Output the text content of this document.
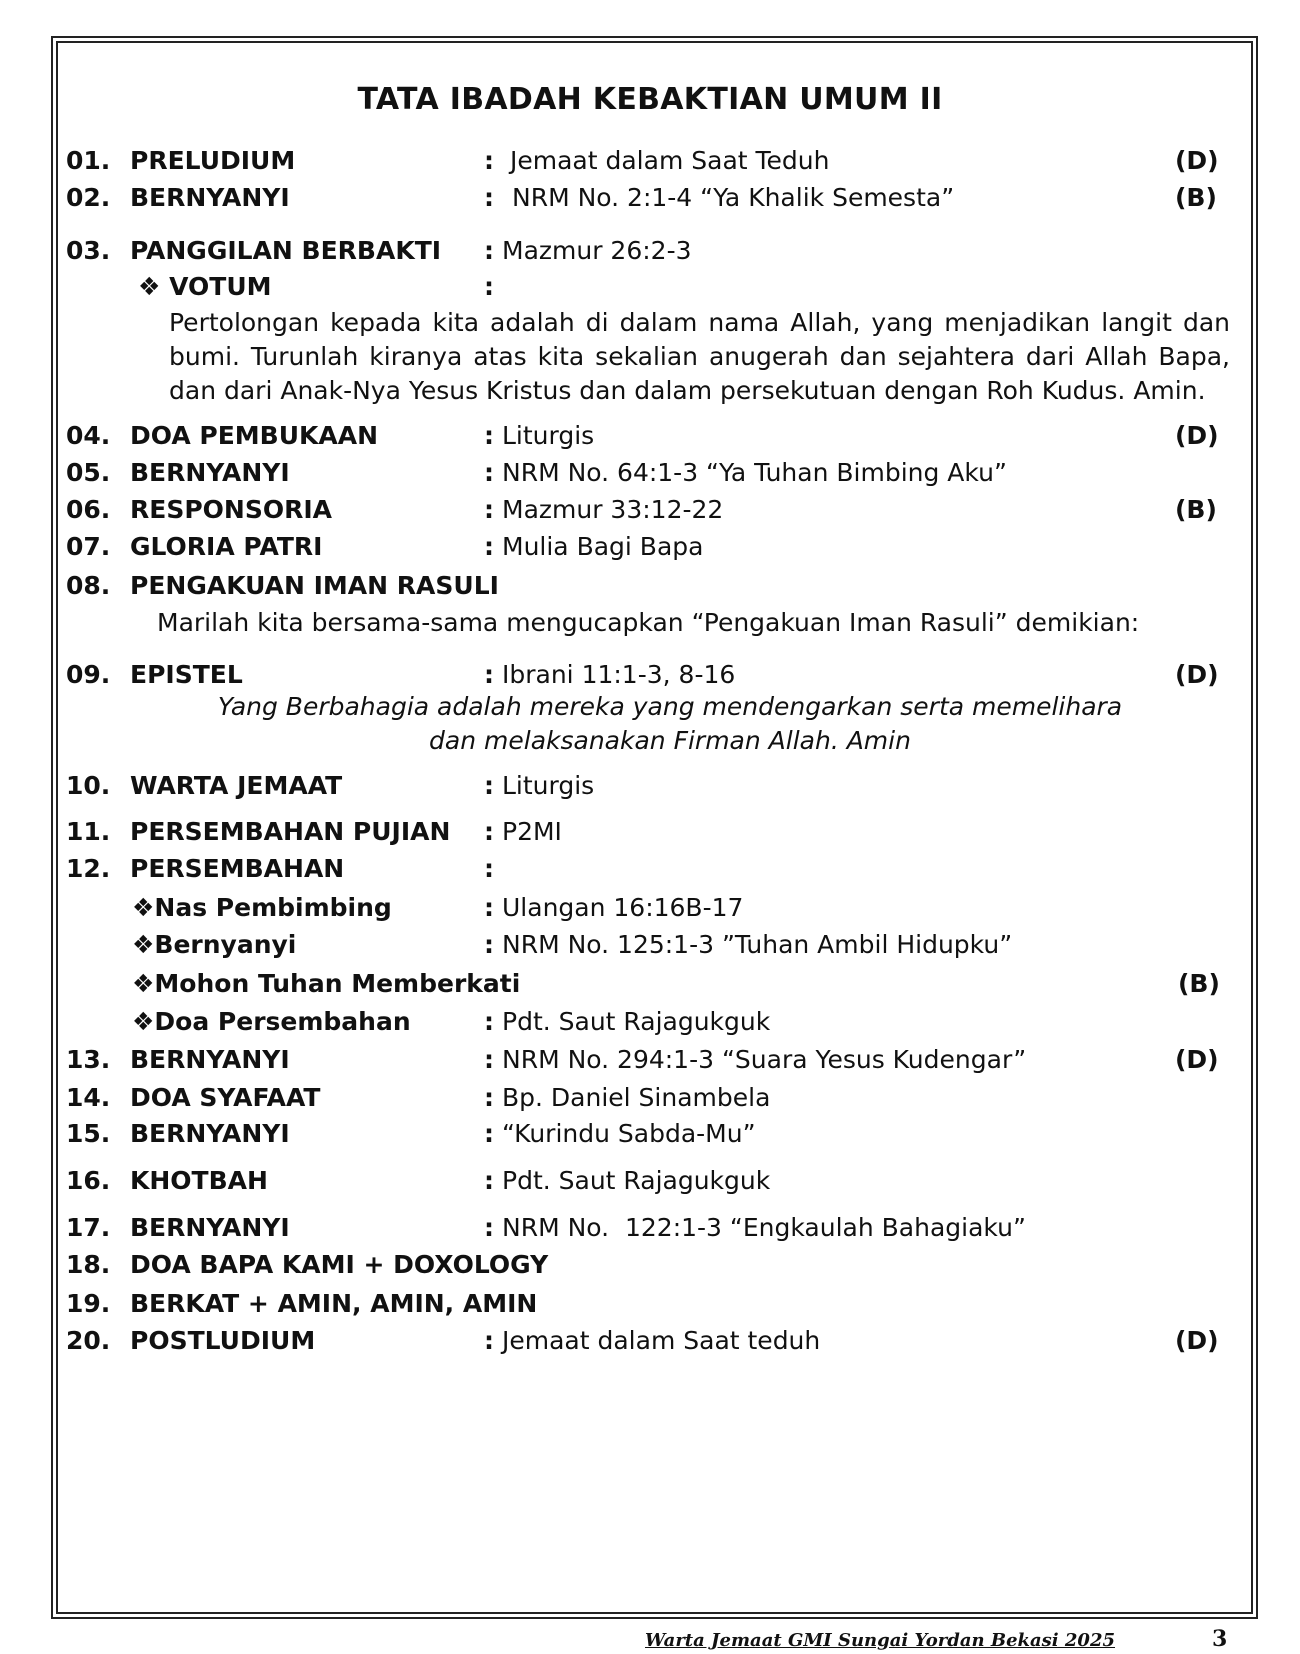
TATA IBADAH KEBAKTIAN UMUM II
01. PRELUDIUM	: Jemaat dalam Saat Teduh	(D)
02. BERNYANYI	: NRM No. 2:1-4 “Ya Khalik Semesta”	(B)
03. PANGGILAN BERBAKTI : Mazmur 26:2-3
❖ VOTUM	:
Pertolongan kepada kita adalah di dalam nama Allah, yang menjadikan langit dan bumi. Turunlah kiranya atas kita sekalian anugerah dan sejahtera dari Allah Bapa, dan dari Anak-Nya Yesus Kristus dan dalam persekutuan dengan Roh Kudus. Amin.
04. DOA PEMBUKAAN	: Liturgis	(D)
05. BERNYANYI	: NRM No. 64:1-3 “Ya Tuhan Bimbing Aku”
06. RESPONSORIA	: Mazmur 33:12-22	(B)
07. GLORIA PATRI	: Mulia Bagi Bapa
08. PENGAKUAN IMAN RASULI
Marilah kita bersama-sama mengucapkan “Pengakuan Iman Rasuli” demikian:
09. EPISTEL	: Ibrani 11:1-3, 8-16	(D)
Yang Berbahagia adalah mereka yang mendengarkan serta memelihara
dan melaksanakan Firman Allah. Amin
10. WARTA JEMAAT	: Liturgis
11. PERSEMBAHAN PUJIAN : P2MI
12. PERSEMBAHAN	:
❖Nas Pembimbing	: Ulangan 16:16B-17
❖Bernyanyi	: NRM No. 125:1-3 ”Tuhan Ambil Hidupku”
❖Mohon Tuhan Memberkati	(B)
❖Doa Persembahan	: Pdt. Saut Rajagukguk
13. BERNYANYI	: NRM No. 294:1-3 “Suara Yesus Kudengar”	(D)
14. DOA SYAFAAT	: Bp. Daniel Sinambela
15. BERNYANYI	: “Kurindu Sabda-Mu”
16. KHOTBAH	: Pdt. Saut Rajagukguk
17. BERNYANYI	: NRM No.  122:1-3 “Engkaulah Bahagiaku”
18. DOA BAPA KAMI + DOXOLOGY
19. BERKAT + AMIN, AMIN, AMIN
20. POSTLUDIUM	: Jemaat dalam Saat teduh	(D)
Warta Jemaat GMI Sungai Yordan Bekasi 2025	3
